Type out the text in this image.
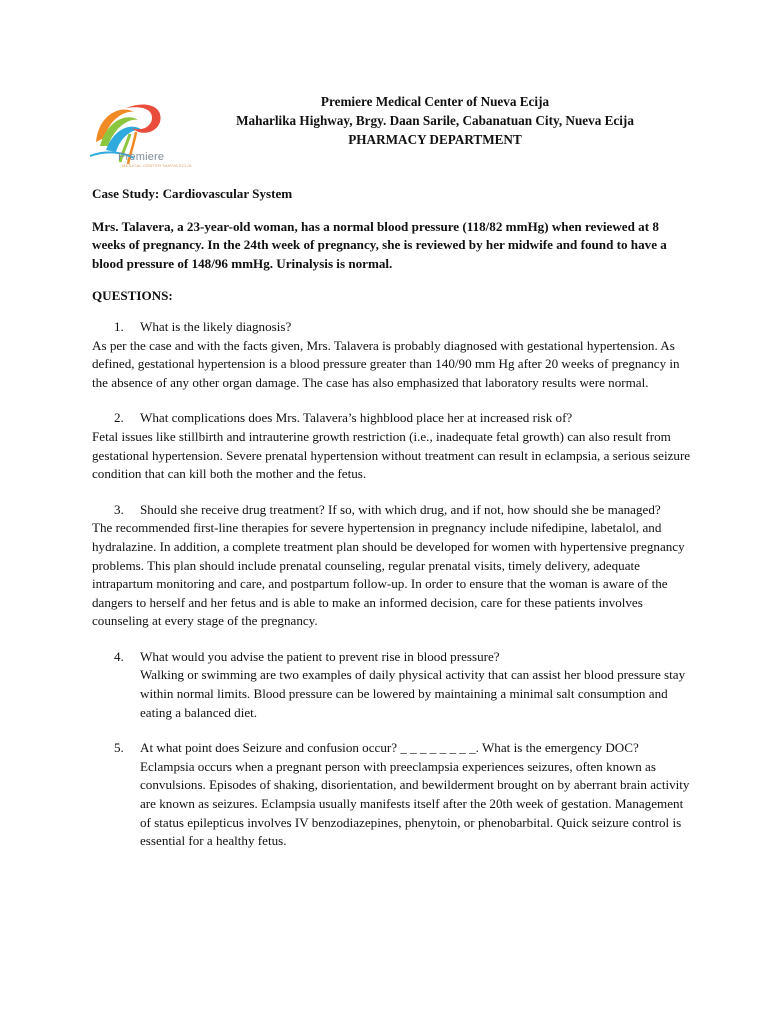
Premiere
MEDICAL CENTER NUEVA ECIJA
Premiere Medical Center of Nueva Ecija
Maharlika Highway, Brgy. Daan Sarile, Cabanatuan City, Nueva Ecija
PHARMACY DEPARTMENT
Case Study: Cardiovascular System
Mrs. Talavera, a 23-year-old woman, has a normal blood pressure (118/82 mmHg) when reviewed at 8 weeks of pregnancy. In the 24th week of pregnancy, she is reviewed by her midwife and found to have a blood pressure of 148/96 mmHg. Urinalysis is normal.
QUESTIONS:
1.	What is the likely diagnosis?
As per the case and with the facts given, Mrs. Talavera is probably diagnosed with gestational hypertension. As defined, gestational hypertension is a blood pressure greater than 140/90 mm Hg after 20 weeks of pregnancy in the absence of any other organ damage. The case has also emphasized that laboratory results were normal.
2.	What complications does Mrs. Talavera’s highblood place her at increased risk of?
Fetal issues like stillbirth and intrauterine growth restriction (i.e., inadequate fetal growth) can also result from gestational hypertension. Severe prenatal hypertension without treatment can result in eclampsia, a serious seizure condition that can kill both the mother and the fetus.
3.	Should she receive drug treatment? If so, with which drug, and if not, how should she be managed?
The recommended first-line therapies for severe hypertension in pregnancy include nifedipine, labetalol, and hydralazine. In addition, a complete treatment plan should be developed for women with hypertensive pregnancy problems. This plan should include prenatal counseling, regular prenatal visits, timely delivery, adequate intrapartum monitoring and care, and postpartum follow-up. In order to ensure that the woman is aware of the dangers to herself and her fetus and is able to make an informed decision, care for these patients involves counseling at every stage of the pregnancy.
4.	What would you advise the patient to prevent rise in blood pressure?
Walking or swimming are two examples of daily physical activity that can assist her blood pressure stay within normal limits. Blood pressure can be lowered by maintaining a minimal salt consumption and eating a balanced diet.
5.	At what point does Seizure and confusion occur? _ _ _ _ _ _ _ _. What is the emergency DOC?
Eclampsia occurs when a pregnant person with preeclampsia experiences seizures, often known as convulsions. Episodes of shaking, disorientation, and bewilderment brought on by aberrant brain activity are known as seizures. Eclampsia usually manifests itself after the 20th week of gestation. Management of status epilepticus involves IV benzodiazepines, phenytoin, or phenobarbital. Quick seizure control is essential for a healthy fetus.
